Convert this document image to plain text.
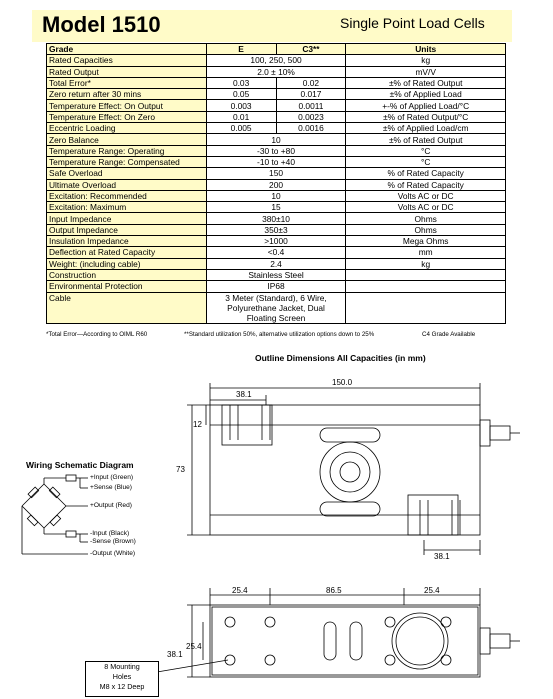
Model 1510	Single Point Load Cells
Grade	E	C3**	Units
Rated Capacities	100, 250, 500		kg
Rated Output	2.0 ± 10%		mV/V
Total Error*	0.03	0.02	±% of Rated Output
Zero return after 30 mins	0.05	0.017	±% of Applied Load
Temperature Effect: On Output	0.003	0.0011	+-% of Applied Load/°C
Temperature Effect: On Zero	0.01	0.0023	±% of Rated Output/°C
Eccentric Loading	0.005	0.0016	±% of Applied Load/cm
Zero Balance	10		±% of Rated Output
Temperature Range: Operating	-30 to +80		°C
Temperature Range: Compensated	-10 to +40		°C
Safe Overload	150		% of Rated Capacity
Ultimate Overload	200		% of Rated Capacity
Excitation: Recommended	10		Volts AC or DC
Excitation: Maximum	15		Volts AC or DC
Input Impedance	380±10		Ohms
Output Impedance	350±3		Ohms
Insulation Impedance	>1000		Mega Ohms
Deflection at Rated Capacity	<0.4		mm
Weight: (including cable)	2.4		kg
Construction	Stainless Steel		
Environmental Protection	IP68		
Cable	3 Meter (Standard), 6 Wire,
Polyurethane Jacket, Dual
Floating Screen		

*Total Error—According to OIML R60	**Standard utilization 50%, alternative utilization options down to 25%	C4 Grade Available
Outline Dimensions All Capacities (in mm)
150.0
38.1
12
73
38.1
25.4	86.5	25.4
38.1
25.4
8 Mounting
Holes
M8 x 12 Deep
Wiring Schematic Diagram
+Input (Green)
+Sense (Blue)
+Output (Red)
-Input (Black)
-Sense (Brown)
-Output (White)
